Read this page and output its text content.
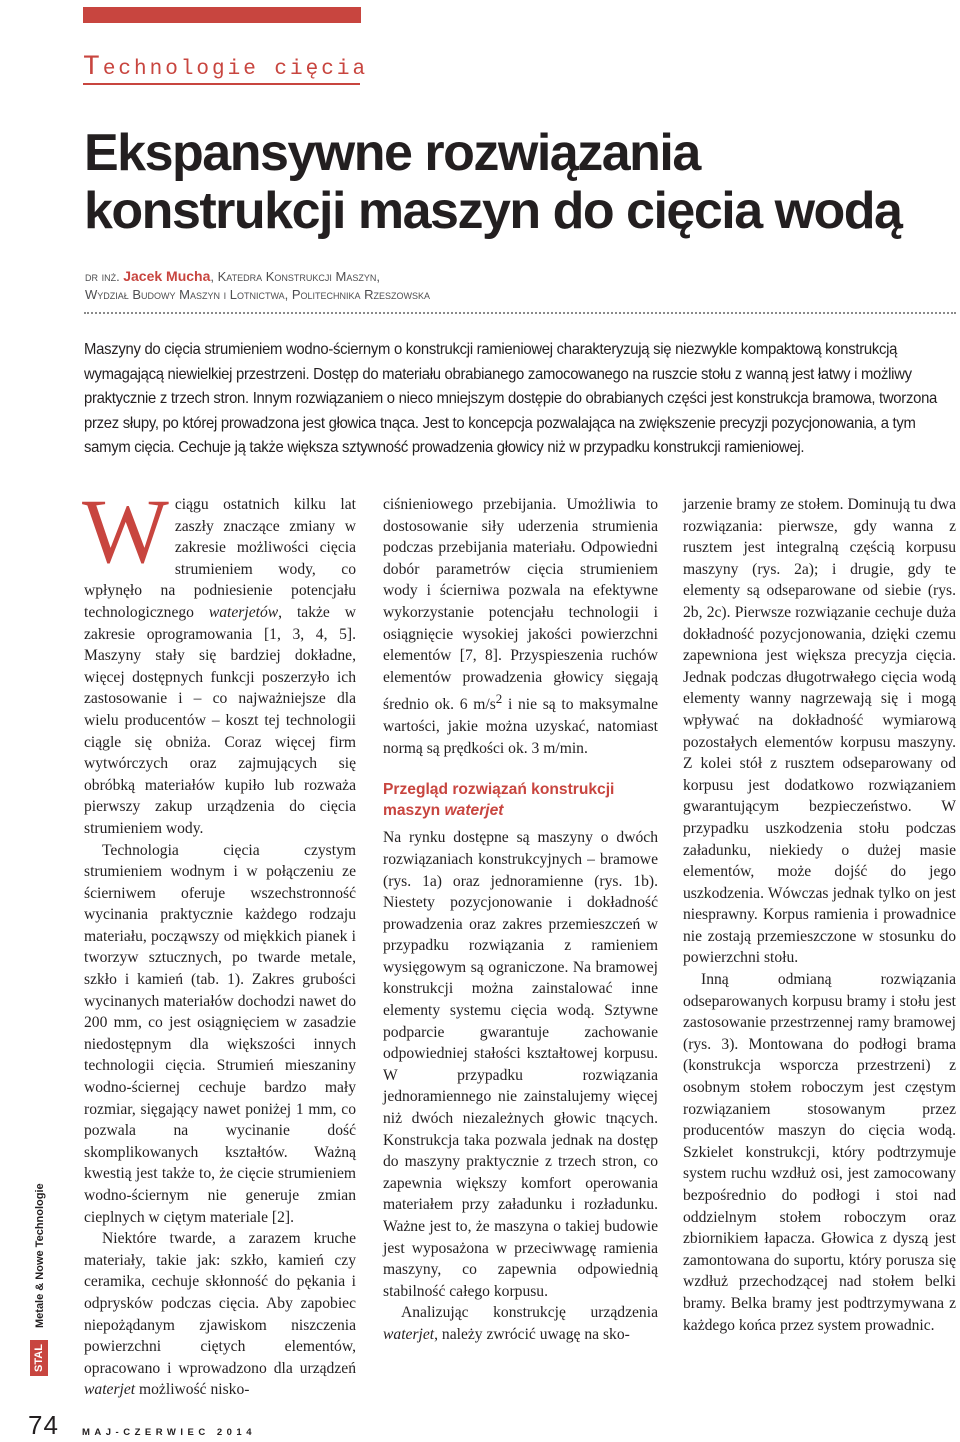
Technologie cięcia
Ekspansywne rozwiązania
konstrukcji maszyn do cięcia wodą
dr inż. Jacek Mucha, Katedra Konstrukcji Maszyn,
Wydział Budowy Maszyn i Lotnictwa, Politechnika Rzeszowska

Maszyny do cięcia strumieniem wodno-ściernym o konstrukcji ramieniowej charakteryzują się niezwykle kompaktową konstrukcją wymagającą niewielkiej przestrzeni. Dostęp do materiału obrabianego zamocowanego na ruszcie stołu z wanną jest łatwy i możliwy praktycznie z trzech stron. Innym rozwiązaniem o nieco mniejszym dostępie do obrabianych części jest konstrukcja bramowa, tworzona przez słupy, po której prowadzona jest głowica tnąca. Jest to koncepcja pozwalająca na zwiększenie precyzji pozycjonowania, a tym samym cięcia. Cechuje ją także większa sztywność prowadzenia głowicy niż w przypadku konstrukcji ramieniowej.

Wciągu ostatnich kilku lat zaszły znaczące zmiany w zakresie możliwości cięcia strumieniem wody, co wpłynęło na podniesienie potencjału technologicznego waterjetów, także w zakresie oprogramowania [1, 3, 4, 5]. Maszyny stały się bardziej dokładne, więcej dostępnych funkcji poszerzyło ich zastosowanie i – co najważniejsze dla wielu producentów – koszt tej technologii ciągle się obniża. Coraz więcej firm wytwórczych oraz zajmujących się obróbką materiałów kupiło lub rozważa pierwszy zakup urządzenia do cięcia strumieniem wody.

Technologia cięcia czystym strumieniem wodnym i w połączeniu ze ścierniwem oferuje wszechstronność wycinania praktycznie każdego rodzaju materiału, począwszy od miękkich pianek i tworzyw sztucznych, po twarde metale, szkło i kamień (tab. 1). Zakres grubości wycinanych materiałów dochodzi nawet do 200 mm, co jest osiągnięciem w zasadzie niedostępnym dla większości innych technologii cięcia. Strumień mieszaniny wodno-ściernej cechuje bardzo mały rozmiar, sięgający nawet poniżej 1 mm, co pozwala na wycinanie dość skomplikowanych kształtów. Ważną kwestią jest także to, że cięcie strumieniem wodno-ściernym nie generuje zmian cieplnych w ciętym materiale [2].

Niektóre twarde, a zarazem kruche materiały, takie jak: szkło, kamień czy ceramika, cechuje skłonność do pękania i odprysków podczas cięcia. Aby zapobiec niepożądanym zjawiskom niszczenia powierzchni ciętych elementów, opracowano i wprowadzono dla urządzeń waterjet możliwość nisko-

ciśnieniowego przebijania. Umożliwia to dostosowanie siły uderzenia strumienia podczas przebijania materiału. Odpowiedni dobór parametrów cięcia strumieniem wody i ścierniwa pozwala na efektywne wykorzystanie potencjału technologii i osiągnięcie wysokiej jakości powierzchni elementów [7, 8]. Przyspieszenia ruchów elementów prowadzenia głowicy sięgają średnio ok. 6 $m/s^2$ i nie są to maksymalne wartości, jakie można uzyskać, natomiast normą są prędkości ok. 3 m/min.

Przegląd rozwiązań konstrukcji maszyn waterjet

Na rynku dostępne są maszyny o dwóch rozwiązaniach konstrukcyjnych – bramowe (rys. 1a) oraz jednoramienne (rys. 1b). Niestety pozycjonowanie i dokładność prowadzenia oraz zakres przemieszczeń w przypadku rozwiązania z ramieniem wysięgowym są ograniczone. Na bramowej konstrukcji można zainstalować inne elementy systemu cięcia wodą. Sztywne podparcie gwarantuje zachowanie odpowiedniej stałości kształtowej korpusu. W przypadku rozwiązania jednoramiennego nie zainstalujemy więcej niż dwóch niezależnych głowic tnących. Konstrukcja taka pozwala jednak na dostęp do maszyny praktycznie z trzech stron, co zapewnia większy komfort operowania materiałem przy załadunku i rozładunku. Ważne jest to, że maszyna o takiej budowie jest wyposażona w przeciwwagę ramienia maszyny, co zapewnia odpowiednią stabilność całego korpusu.

Analizując konstrukcję urządzenia waterjet, należy zwrócić uwagę na sko-

jarzenie bramy ze stołem. Dominują tu dwa rozwiązania: pierwsze, gdy wanna z rusztem jest integralną częścią korpusu maszyny (rys. 2a); i drugie, gdy te elementy są odseparowane od siebie (rys. 2b, 2c). Pierwsze rozwiązanie cechuje duża dokładność pozycjonowania, dzięki czemu zapewniona jest większa precyzja cięcia. Jednak podczas długotrwałego cięcia wodą elementy wanny nagrzewają się i mogą wpływać na dokładność wymiarową pozostałych elementów korpusu maszyny. Z kolei stół z rusztem odseparowany od korpusu jest dodatkowo rozwiązaniem gwarantującym bezpieczeństwo. W przypadku uszkodzenia stołu podczas załadunku, niekiedy o dużej masie elementów, może dojść do jego uszkodzenia. Wówczas jednak tylko on jest niesprawny. Korpus ramienia i prowadnice nie zostają przemieszczone w stosunku do powierzchni stołu.

Inną odmianą rozwiązania odseparowanych korpusu bramy i stołu jest zastosowanie przestrzennej ramy bramowej (rys. 3). Montowana do podłogi brama (konstrukcja wsporcza przestrzeni) z osobnym stołem roboczym jest częstym rozwiązaniem stosowanym przez producentów maszyn do cięcia wodą. Szkielet konstrukcji, który podtrzymuje system ruchu wzdłuż osi, jest zamocowany bezpośrednio do podłogi i stoi nad oddzielnym stołem roboczym oraz zbiornikiem łapacza. Głowica z dyszą jest zamontowana do suportu, który porusza się wzdłuż przechodzącej nad stołem belki bramy. Belka bramy jest podtrzymywana z każdego końca przez system prowadnic.

Metale & Nowe Technologie
STAL
74 MAJ-CZERWIEC 2014
